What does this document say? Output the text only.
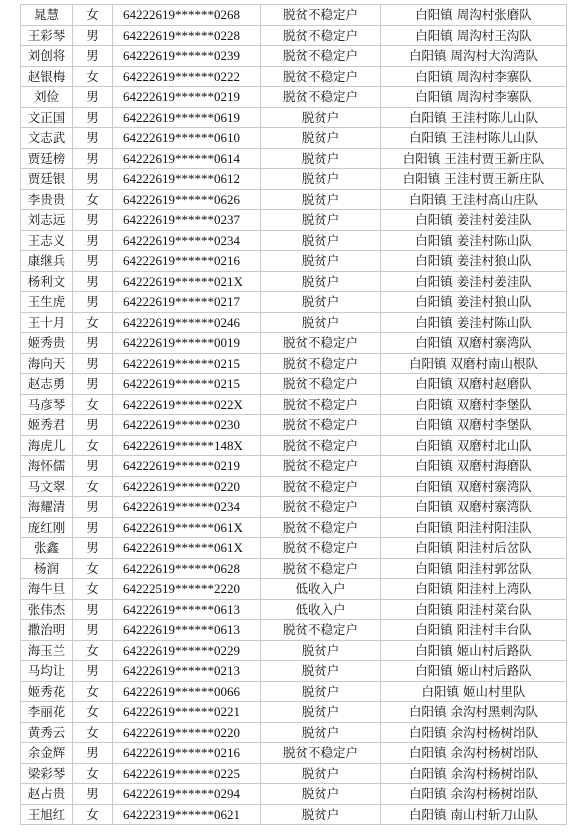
晁慧	女	64222619******0268	脱贫不稳定户	白阳镇 周沟村张磨队
王彩琴	男	64222619******0228	脱贫不稳定户	白阳镇 周沟村王沟队
刘创将	男	64222619******0239	脱贫不稳定户	白阳镇 周沟村大沟湾队
赵银梅	女	64222619******0222	脱贫不稳定户	白阳镇 周沟村李寨队
刘俭	男	64222619******0219	脱贫不稳定户	白阳镇 周沟村李寨队
文正国	男	64222619******0619	脱贫户	白阳镇 王洼村陈儿山队
文志武	男	64222619******0610	脱贫户	白阳镇 王洼村陈儿山队
贾廷榜	男	64222619******0614	脱贫户	白阳镇 王洼村贾王新庄队
贾廷银	男	64222619******0612	脱贫户	白阳镇 王洼村贾王新庄队
李贵贵	女	64222619******0626	脱贫户	白阳镇 王洼村高山庄队
刘志远	男	64222619******0237	脱贫户	白阳镇 姜洼村姜洼队
王志义	男	64222619******0234	脱贫户	白阳镇 姜洼村陈山队
康继兵	男	64222619******0216	脱贫户	白阳镇 姜洼村狼山队
杨利文	男	64222619******021X	脱贫户	白阳镇 姜洼村姜洼队
王生虎	男	64222619******0217	脱贫户	白阳镇 姜洼村狼山队
王十月	女	64222619******0246	脱贫户	白阳镇 姜洼村陈山队
姬秀贵	男	64222619******0019	脱贫不稳定户	白阳镇 双磨村寨湾队
海向天	男	64222619******0215	脱贫不稳定户	白阳镇 双磨村南山根队
赵志勇	男	64222619******0215	脱贫不稳定户	白阳镇 双磨村赵磨队
马彦琴	女	64222619******022X	脱贫不稳定户	白阳镇 双磨村李堡队
姬秀君	男	64222619******0230	脱贫不稳定户	白阳镇 双磨村李堡队
海虎儿	女	64222619******148X	脱贫不稳定户	白阳镇 双磨村北山队
海怀儒	男	64222619******0219	脱贫不稳定户	白阳镇 双磨村海磨队
马文翠	女	64222619******0220	脱贫不稳定户	白阳镇 双磨村寨湾队
海耀清	男	64222619******0234	脱贫不稳定户	白阳镇 双磨村寨湾队
庞红刚	男	64222619******061X	脱贫不稳定户	白阳镇 阳洼村阳洼队
张鑫	男	64222619******061X	脱贫不稳定户	白阳镇 阳洼村后岔队
杨润	女	64222619******0628	脱贫不稳定户	白阳镇 阳洼村郭岔队
海牛旦	女	64222519******2220	低收入户	白阳镇 阳洼村上湾队
张伟杰	男	64222619******0613	低收入户	白阳镇 阳洼村菜台队
撒治明	男	64222619******0613	脱贫不稳定户	白阳镇 阳洼村丰台队
海玉兰	女	64222619******0229	脱贫户	白阳镇 姬山村后路队
马均让	男	64222619******0213	脱贫户	白阳镇 姬山村后路队
姬秀花	女	64222619******0066	脱贫户	白阳镇 姬山村里队
李丽花	女	64222619******0221	脱贫户	白阳镇 余沟村黑刺沟队
黄秀云	女	64222619******0220	脱贫户	白阳镇 余沟村杨树岇队
余金辉	男	64222619******0216	脱贫不稳定户	白阳镇 余沟村杨树岇队
梁彩琴	女	64222619******0225	脱贫户	白阳镇 余沟村杨树岇队
赵占贵	男	64222619******0294	脱贫户	白阳镇 余沟村杨树岇队
王旭红	女	64222319******0621	脱贫户	白阳镇 南山村斩刀山队
